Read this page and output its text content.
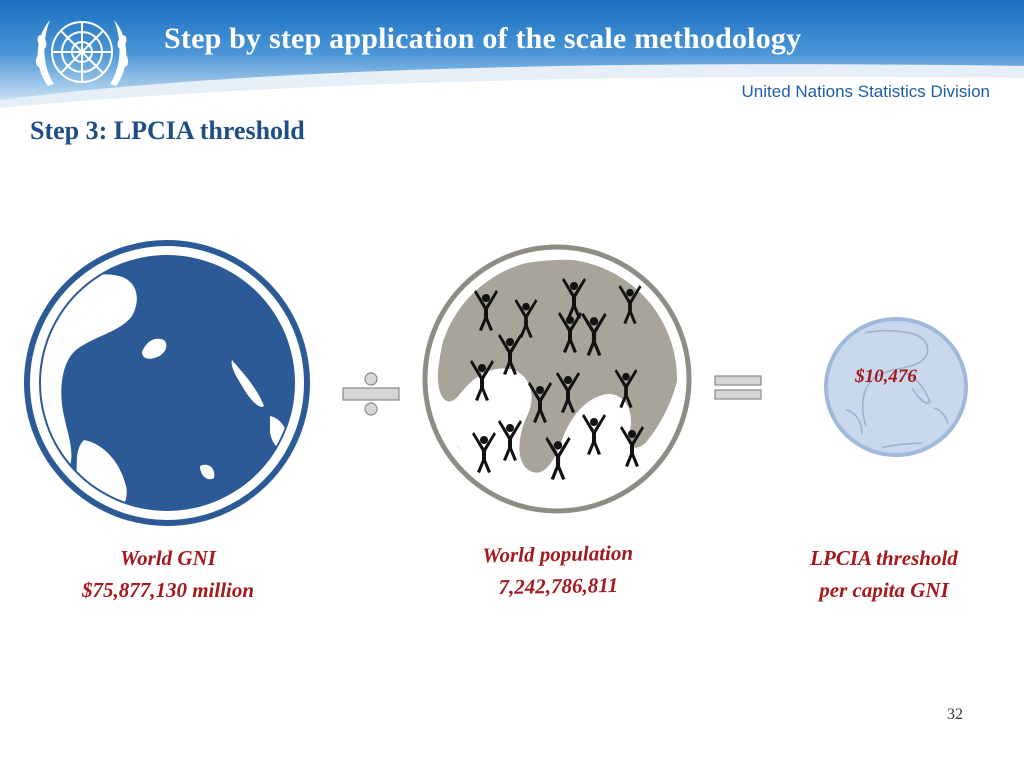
Step by step application of the scale methodology
United Nations Statistics Division
Step 3: LPCIA threshold
$10,476
World GNI
$75,877,130 million
World population
7,242,786,811
LPCIA threshold
per capita GNI
32
